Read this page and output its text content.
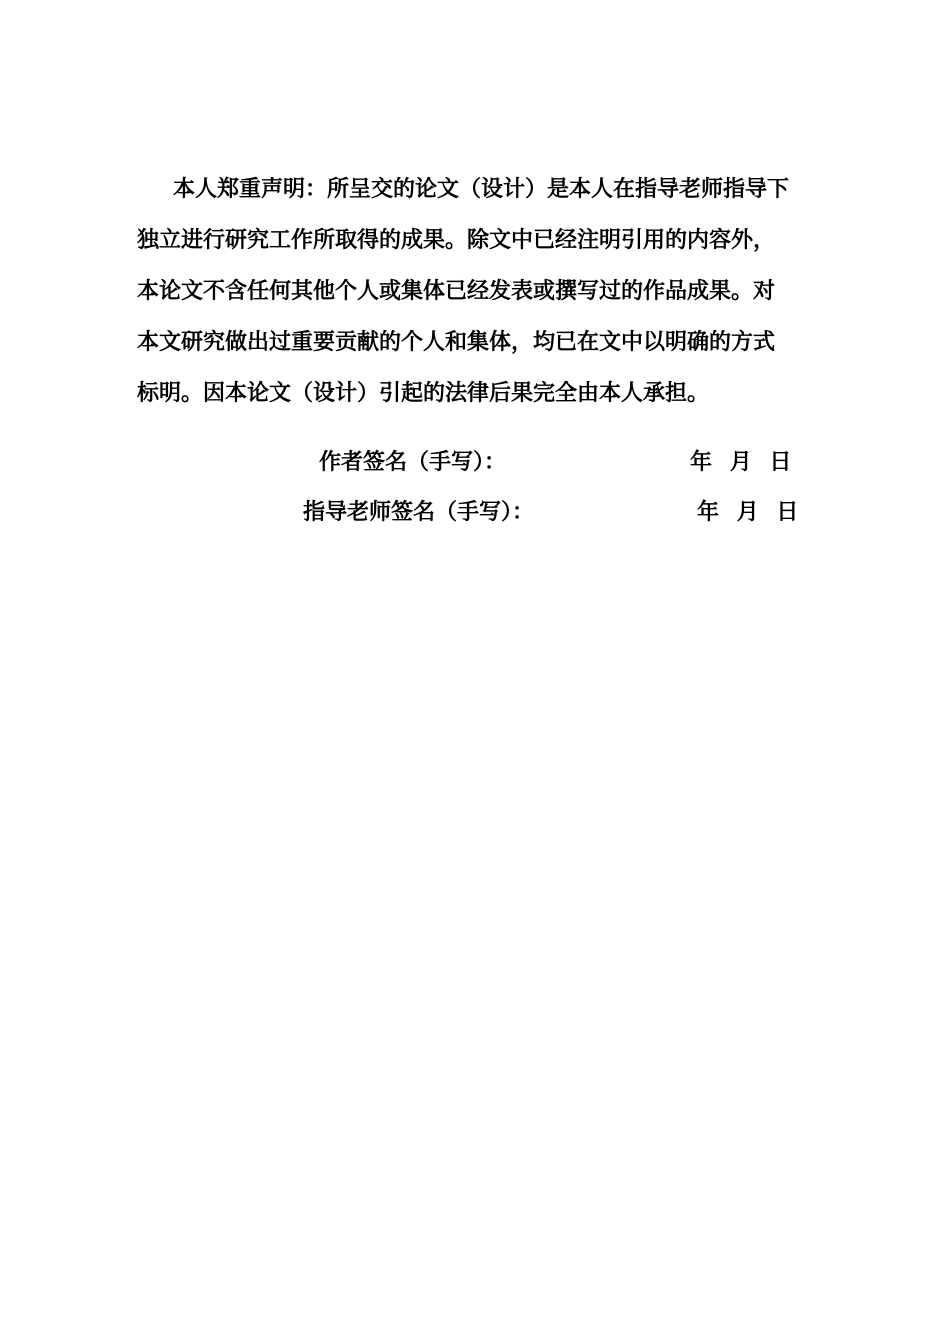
本人郑重声明：所呈交的论文（设计）是本人在指导老师指导下
独立进行研究工作所取得的成果。除文中已经注明引用的内容外，
本论文不含任何其他个人或集体已经发表或撰写过的作品成果。对
本文研究做出过重要贡献的个人和集体，均已在文中以明确的方式
标明。因本论文（设计）引起的法律后果完全由本人承担。
作者签名（手写）：	年 月 日
指导老师签名（手写）：	年 月 日
